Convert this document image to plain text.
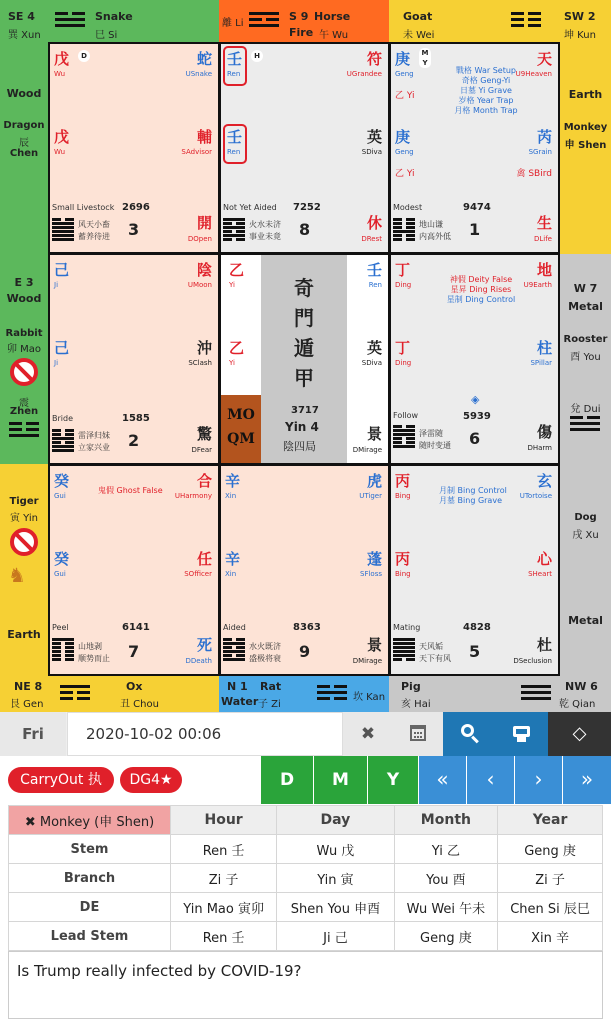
SE 4
巽 Xun
Snake
巳 Si
離 Li
S 9 Horse
Fire 午 Wu
Goat
未 Wei
SW 2
坤 Kun
Wood
Dragon
辰
Chen
E 3
Wood
Rabbit
卯 Mao
震
Zhen
Tiger
寅 Yin
♞
Earth
Earth
Monkey
申 Shen
W 7
Metal
Rooster
酉 You
兌 Dui
Dog
戌 Xu
Metal
NE 8
艮 Gen
Ox
丑 Chou
N 1
Water
Rat
子 Zi
坎 Kan
Pig
亥 Hai
NW 6
乾 Qian
戊
Wu
D	蛇
USnake
戊
Wu
輔
SAdvisor
Small Livestock 2696
风天小畜
蓄养待进 3	開
DOpen
壬
Ren
H	符
UGrandee
壬
Ren
英
SDiva
Not Yet Aided 7252
火水未济
事业未竟 8	休
DRest
庚
Geng
M
Y	天
U9Heaven
戰格 War Setup
奇格 Geng-Yi
日墓 Yi Grave
岁格 Year Trap
月格 Month Trap
乙 Yi
庚
Geng
芮
SGrain
乙 Yi	禽 SBird
Modest	9474
地山谦
内高外低 1	生
DLife
己
Ji
陰
UMoon
己
Ji
沖
SClash
Bride	1585
雷泽归妹
立家兴业 2	驚
DFear
乙
Yi
乙
Yi
奇
門
遁
甲
壬
Ren
英
SDiva
MO
QM
3717
Yin 4
陰四局
景
DMirage
丁
Ding
地
U9Earth
神假 Deity False
星昇 Ding Rises
星制 Ding Control
丁
Ding
柱
SPillar
◈
Follow	5939
泽雷随
随时变通 6	傷
DHarm
癸
Gui
合
UHarmony
鬼假 Ghost False
癸
Gui
任
SOfficer
Peel	6141
山地剥
顺势而止 7	死
DDeath
辛
Xin
虎
UTiger
辛
Xin
蓬
SFloss
Aided	8363
水火既济
盛极将衰 9	景
DMirage
丙
Bing
玄
UTortoise
月制 Bing Control
月墓 Bing Grave
丙
Bing
心
SHeart
Mating	4828
天风姤
天下有风 5	杜
DSeclusion
Fri	2020-10-02 00:06	✖	◇
CarryOut 执	DG4★	D	M	Y	«	‹	›	»
✖ Monkey (申 Shen)	Hour	Day	Month	Year
Stem	Ren 壬	Wu 戊	Yi 乙	Geng 庚
Branch	Zi 子	Yin 寅	You 酉	Zi 子
DE	Yin Mao 寅卯	Shen You 申酉	Wu Wei 午未	Chen Si 辰巳
Lead Stem	Ren 壬	Ji 己	Geng 庚	Xin 辛
Is Trump really infected by COVID-19?
